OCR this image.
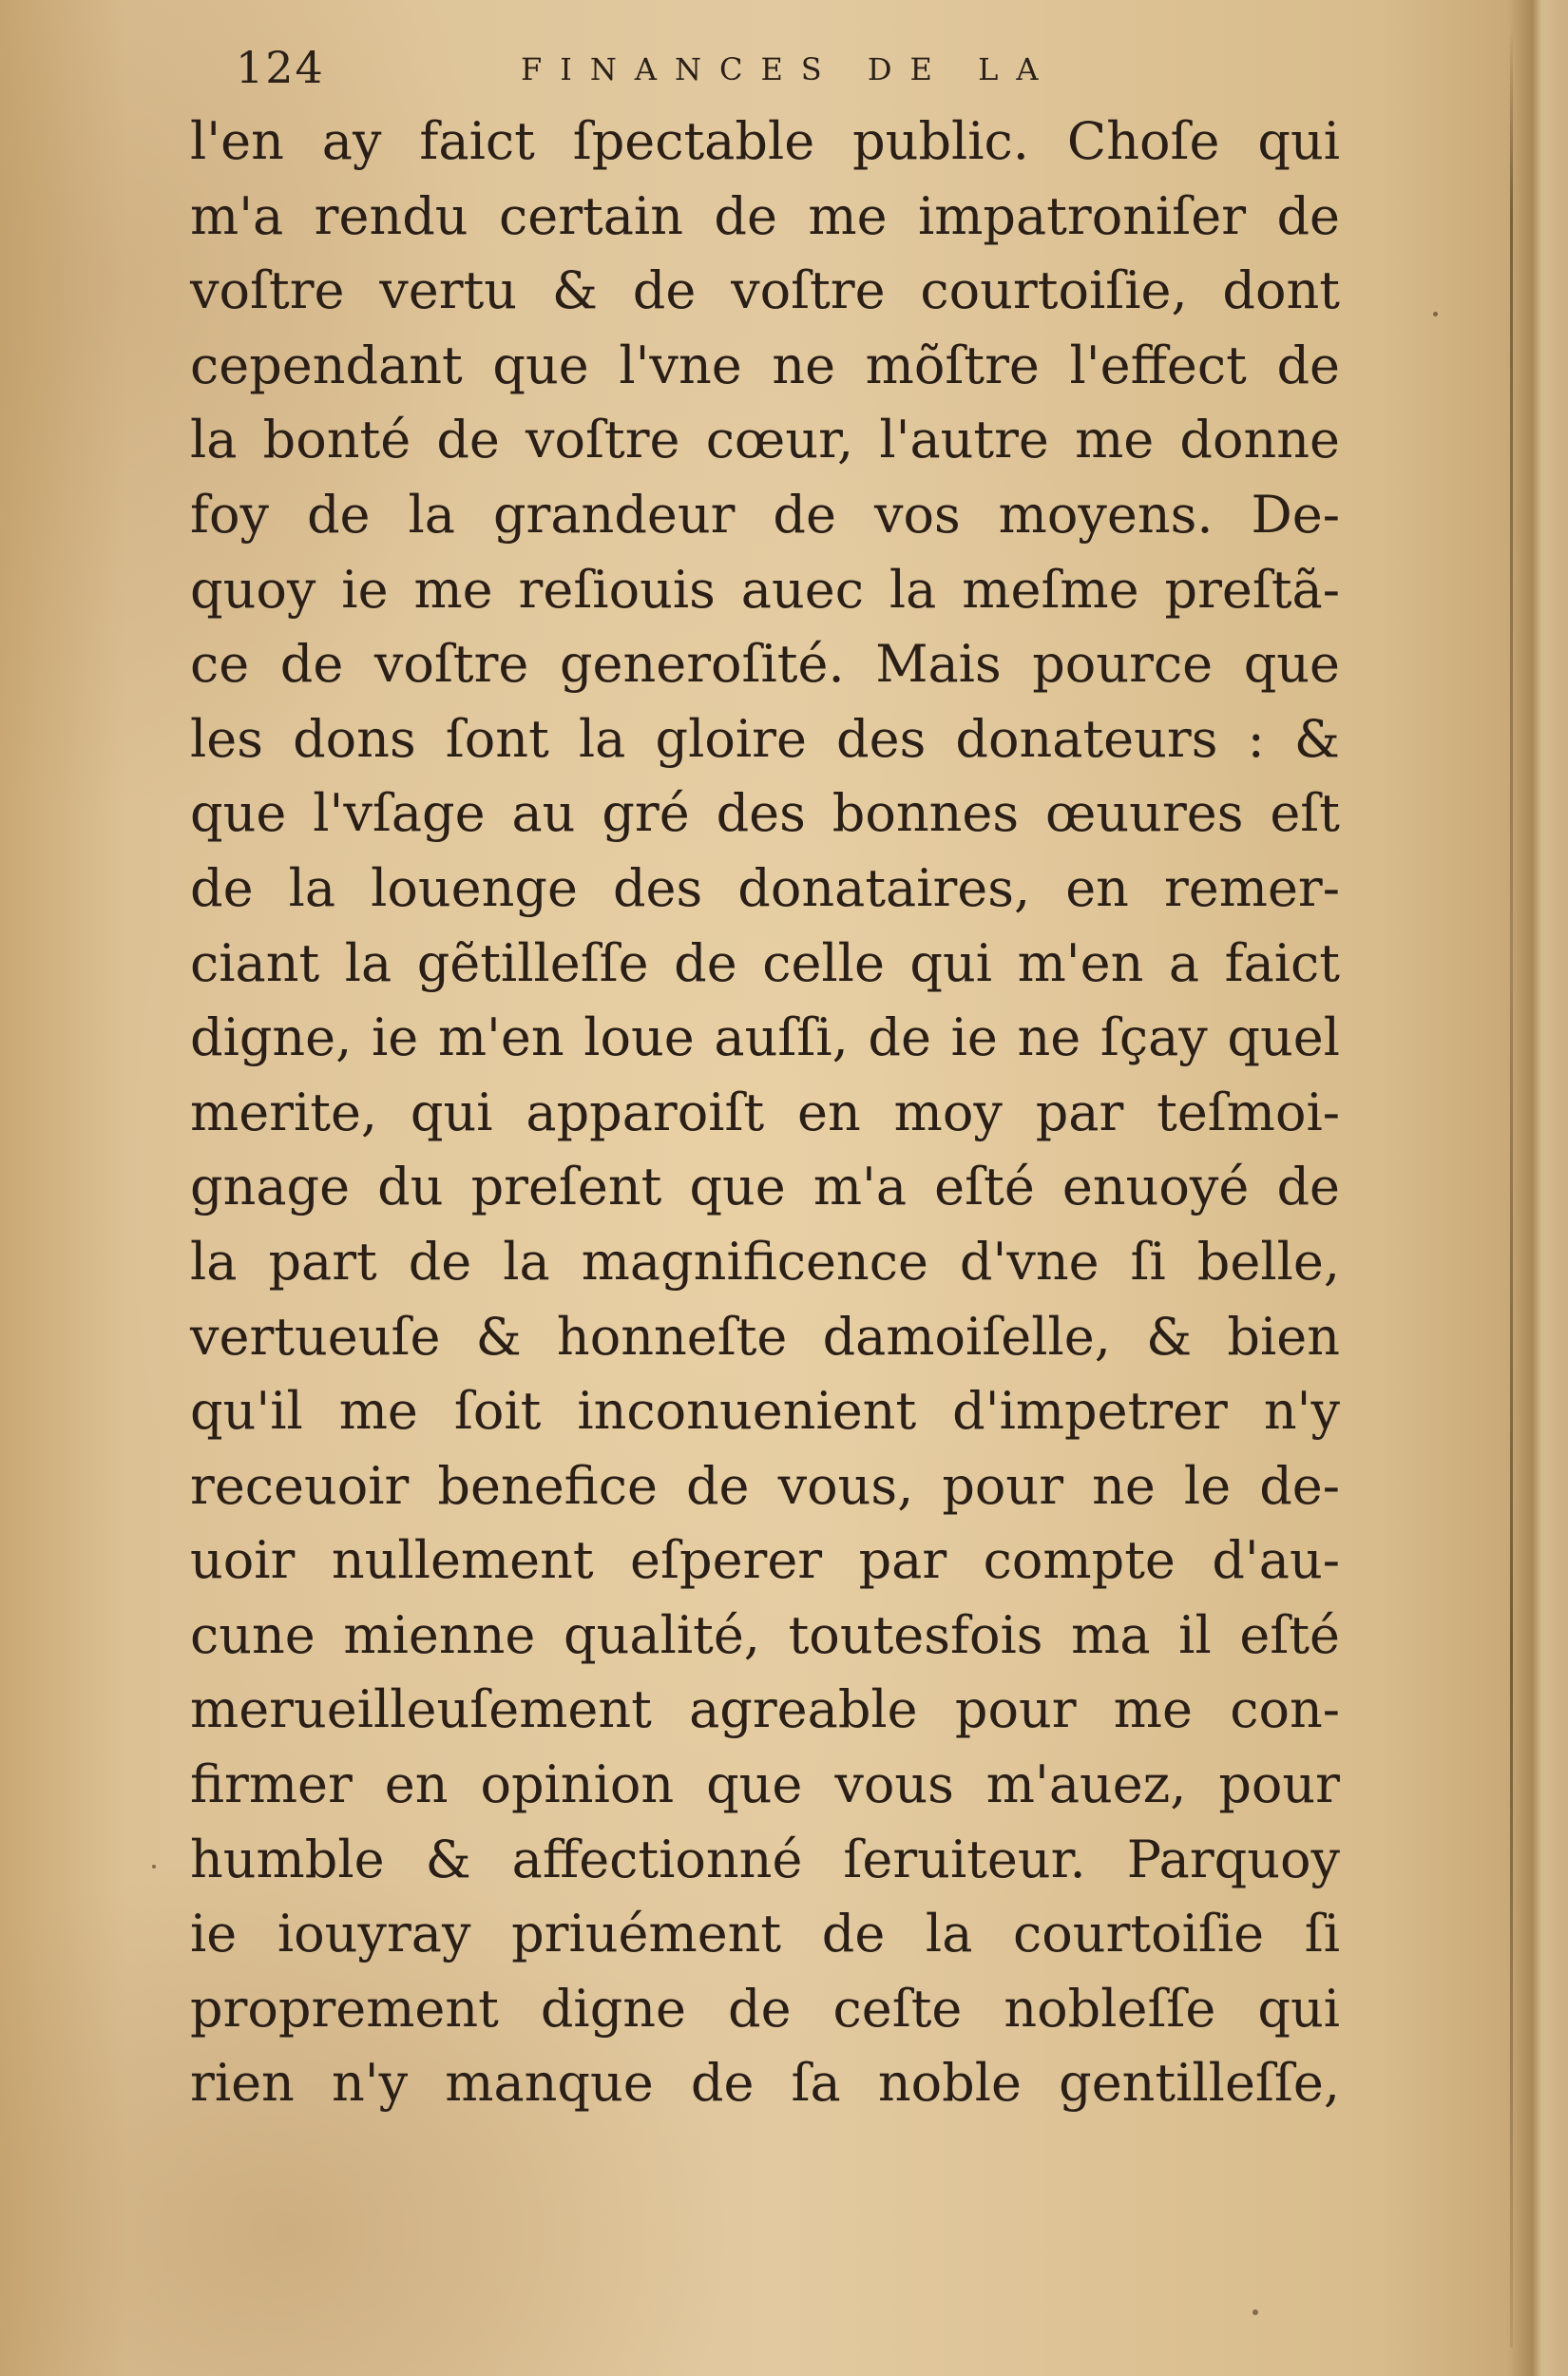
124	FINANCES DE LA
l'en ay faict ſpectable public. Choſe qui
m'a rendu certain de me impatroniſer de
voſtre vertu & de voſtre courtoiſie, dont
cependant que l'vne ne mõſtre l'effect de
la bonté de voſtre cœur, l'autre me donne
foy de la grandeur de vos moyens. De-
quoy ie me reſiouis auec la meſme preſtã-
ce de voſtre generoſité. Mais pource que
les dons ſont la gloire des donateurs : &
que l'vſage au gré des bonnes œuures eſt
de la louenge des donataires, en remer-
ciant la gẽtilleſſe de celle qui m'en a faict
digne, ie m'en loue auſſi, de ie ne ſçay quel
merite, qui apparoiſt en moy par teſmoi-
gnage du preſent que m'a eſté enuoyé de
la part de la magnificence d'vne ſi belle,
vertueuſe & honneſte damoiſelle, & bien
qu'il me ſoit inconuenient d'impetrer n'y
receuoir benefice de vous, pour ne le de-
uoir nullement eſperer par compte d'au-
cune mienne qualité, toutesfois ma il eſté
merueilleuſement agreable pour me con-
firmer en opinion que vous m'auez, pour
humble & affectionné ſeruiteur. Parquoy
ie iouyray priuément de la courtoiſie ſi
proprement digne de ceſte nobleſſe qui
rien n'y manque de ſa noble gentilleſſe,
